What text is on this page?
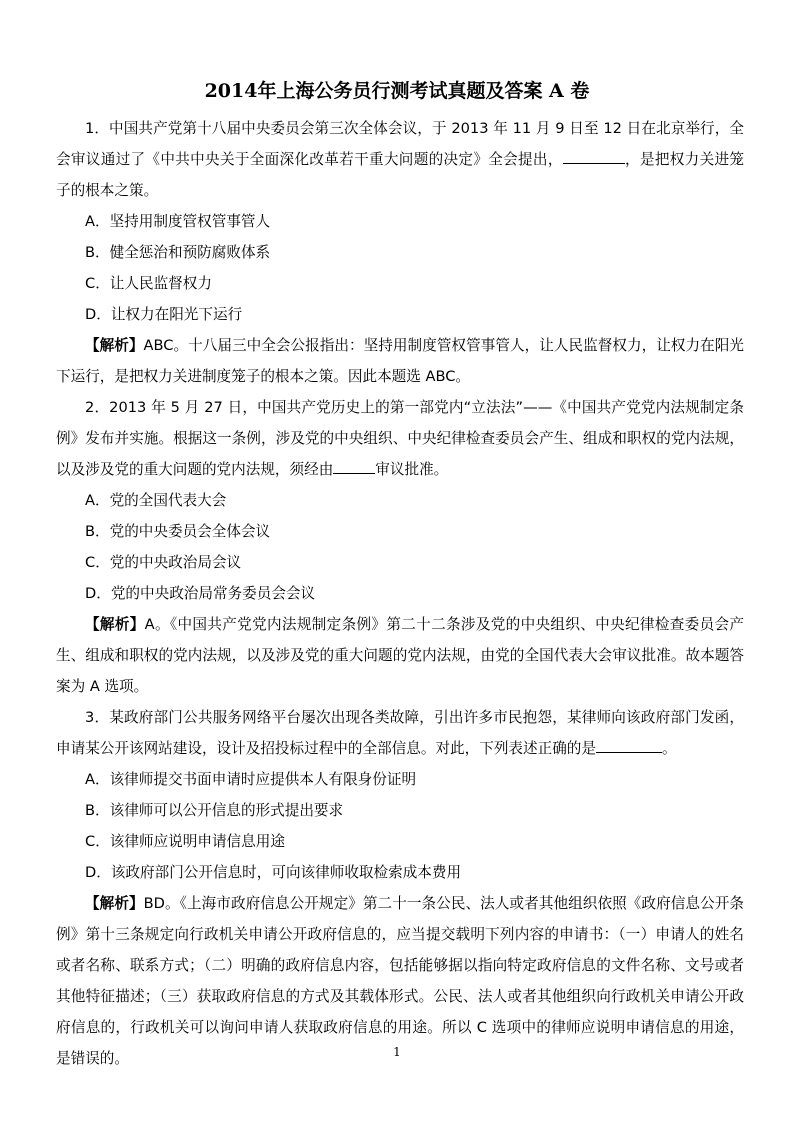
2014年上海公务员行测考试真题及答案 A 卷

1．中国共产党第十八届中央委员会第三次全体会议，于 2013 年 11 月 9 日至 12 日在北京举行，全会审议通过了《中共中央关于全面深化改革若干重大问题的决定》全会提出，	，是把权力关进笼子的根本之策。

A．坚持用制度管权管事管人

B．健全惩治和预防腐败体系

C．让人民监督权力

D．让权力在阳光下运行

【解析】ABC。十八届三中全会公报指出：坚持用制度管权管事管人，让人民监督权力，让权力在阳光下运行，是把权力关进制度笼子的根本之策。因此本题选 ABC。

2．2013 年 5 月 27 日，中国共产党历史上的第一部党内“立法法”——《中国共产党党内法规制定条例》发布并实施。根据这一条例，涉及党的中央组织、中央纪律检查委员会产生、组成和职权的党内法规，以及涉及党的重大问题的党内法规，须经由	审议批准。

A．党的全国代表大会

B．党的中央委员会全体会议

C．党的中央政治局会议

D．党的中央政治局常务委员会会议

【解析】A。《中国共产党党内法规制定条例》第二十二条涉及党的中央组织、中央纪律检查委员会产生、组成和职权的党内法规，以及涉及党的重大问题的党内法规，由党的全国代表大会审议批准。故本题答案为 A 选项。

3．某政府部门公共服务网络平台屡次出现各类故障，引出许多市民抱怨，某律师向该政府部门发函，申请某公开该网站建设，设计及招投标过程中的全部信息。对此，下列表述正确的是	。

A．该律师提交书面申请时应提供本人有限身份证明

B．该律师可以公开信息的形式提出要求

C．该律师应说明申请信息用途

D．该政府部门公开信息时，可向该律师收取检索成本费用

【解析】BD。《上海市政府信息公开规定》第二十一条公民、法人或者其他组织依照《政府信息公开条例》第十三条规定向行政机关申请公开政府信息的，应当提交载明下列内容的申请书：（一）申请人的姓名或者名称、联系方式；（二）明确的政府信息内容，包括能够据以指向特定政府信息的文件名称、文号或者其他特征描述；（三）获取政府信息的方式及其载体形式。公民、法人或者其他组织向行政机关申请公开政府信息的，行政机关可以询问申请人获取政府信息的用途。所以 C 选项中的律师应说明申请信息的用途，是错误的。	1
